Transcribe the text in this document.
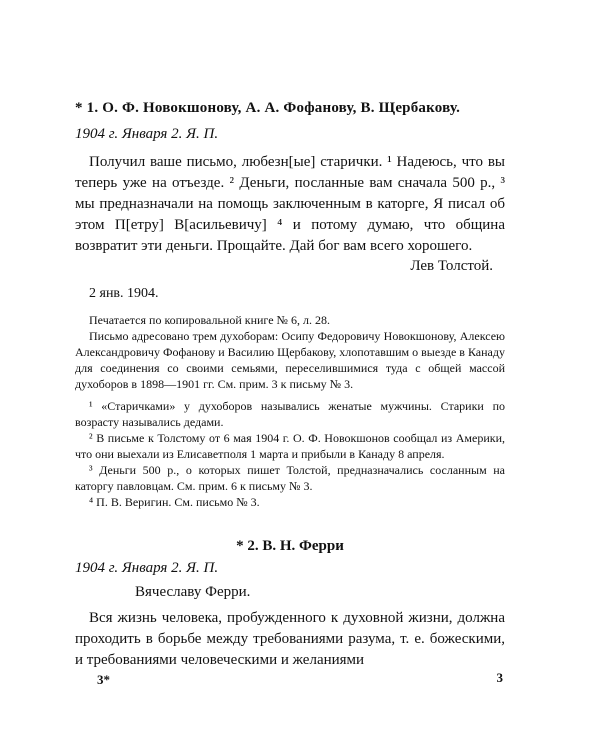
* 1. О. Ф. Новокшонову, А. А. Фофанову, В. Щербакову.
1904 г. Января 2. Я. П.

Получил ваше письмо, любезн[ые] старички. ¹ Надеюсь, что вы теперь уже на отъезде. ² Деньги, посланные вам сначала 500 р., ³ мы предназначали на помощь заключенным в каторге, Я писал об этом П[етру] В[асильевичу] ⁴ и потому думаю, что община возвратит эти деньги. Прощайте. Дай бог вам всего хорошего.

Лев Толстой.
2 янв. 1904.

Печатается по копировальной книге № 6, л. 28.

Письмо адресовано трем духоборам: Осипу Федоровичу Новокшонову, Алексею Александровичу Фофанову и Василию Щербакову, хлопотавшим о выезде в Канаду для соединения со своими семьями, переселившимися туда с общей массой духоборов в 1898—1901 гг. См. прим. 3 к письму № 3.

¹ «Старичками» у духоборов назывались женатые мужчины. Старики по возрасту назывались дедами.

² В письме к Толстому от 6 мая 1904 г. О. Ф. Новокшонов сообщал из Америки, что они выехали из Елисаветполя 1 марта и прибыли в Канаду 8 апреля.

³ Деньги 500 р., о которых пишет Толстой, предназначались сосланным на каторгу павловцам. См. прим. 6 к письму № 3.

⁴ П. В. Веригин. См. письмо № 3.

* 2. В. Н. Ферри
1904 г. Января 2. Я. П.
Вячеславу Ферри.

Вся жизнь человека, пробужденного к духовной жизни, должна проходить в борьбе между требованиями разума, т. е. божескими, и требованиями человеческими и желаниями

3*	3
